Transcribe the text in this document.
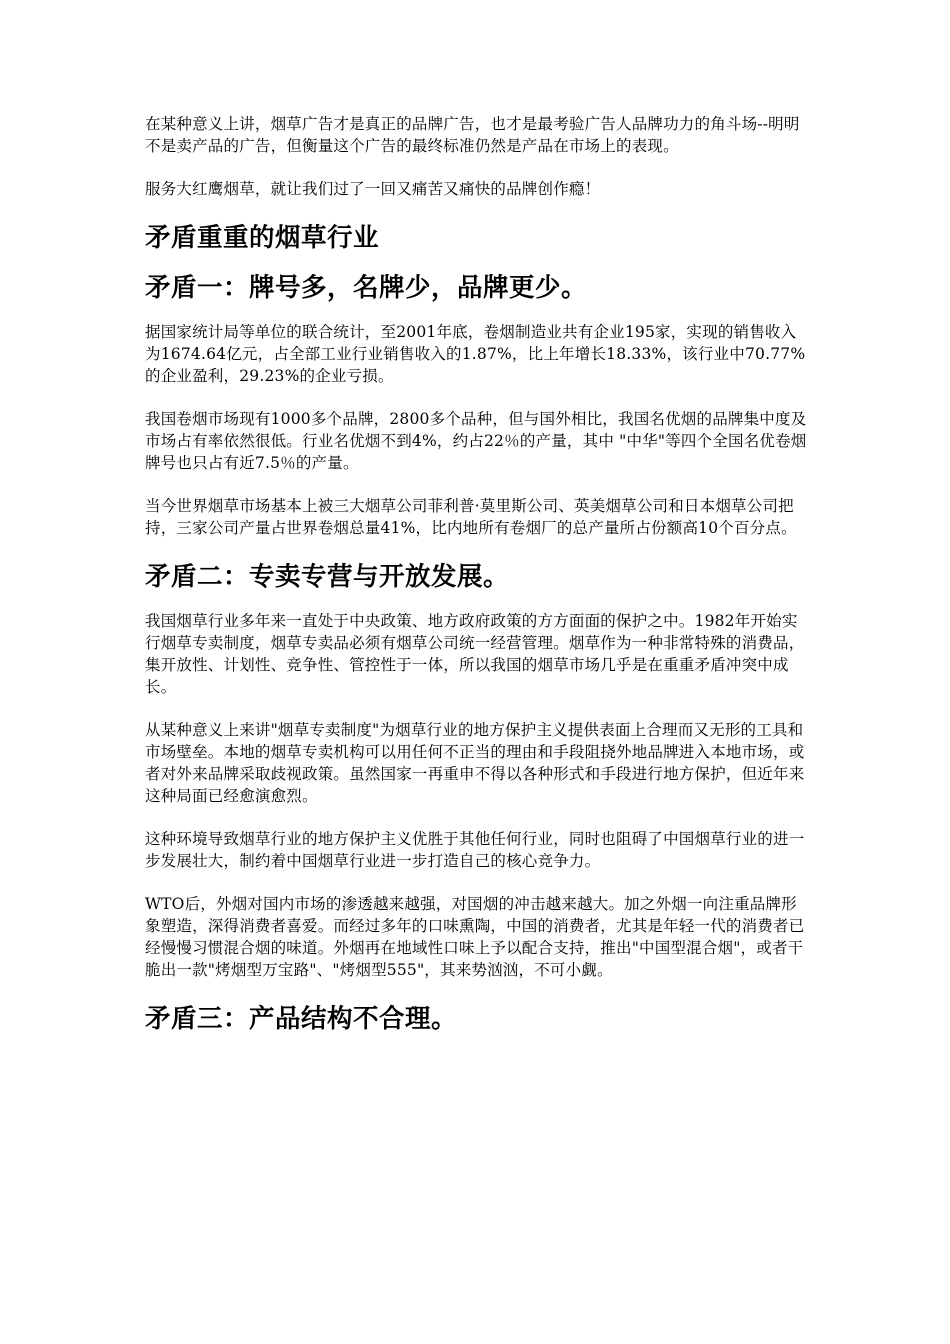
在某种意义上讲，烟草广告才是真正的品牌广告，也才是最考验广告人品牌功力的角斗场--明明不是卖产品的广告，但衡量这个广告的最终标准仍然是产品在市场上的表现。

服务大红鹰烟草，就让我们过了一回又痛苦又痛快的品牌创作瘾！

矛盾重重的烟草行业
矛盾一：牌号多，名牌少，品牌更少。

据国家统计局等单位的联合统计，至2001年底，卷烟制造业共有企业195家，实现的销售收入为1674.64亿元，占全部工业行业销售收入的1.87%，比上年增长18.33%，该行业中70.77%的企业盈利，29.23%的企业亏损。

我国卷烟市场现有1000多个品牌，2800多个品种，但与国外相比，我国名优烟的品牌集中度及市场占有率依然很低。行业名优烟不到4%，约占22％的产量，其中 "中华"等四个全国名优卷烟牌号也只占有近7.5％的产量。

当今世界烟草市场基本上被三大烟草公司菲利普·莫里斯公司、英美烟草公司和日本烟草公司把持，三家公司产量占世界卷烟总量41%，比内地所有卷烟厂的总产量所占份额高10个百分点。

矛盾二：专卖专营与开放发展。

我国烟草行业多年来一直处于中央政策、地方政府政策的方方面面的保护之中。1982年开始实行烟草专卖制度，烟草专卖品必须有烟草公司统一经营管理。烟草作为一种非常特殊的消费品，集开放性、计划性、竞争性、管控性于一体，所以我国的烟草市场几乎是在重重矛盾冲突中成长。

从某种意义上来讲"烟草专卖制度"为烟草行业的地方保护主义提供表面上合理而又无形的工具和市场壁垒。本地的烟草专卖机构可以用任何不正当的理由和手段阻挠外地品牌进入本地市场，或者对外来品牌采取歧视政策。虽然国家一再重申不得以各种形式和手段进行地方保护，但近年来这种局面已经愈演愈烈。

这种环境导致烟草行业的地方保护主义优胜于其他任何行业，同时也阻碍了中国烟草行业的进一步发展壮大，制约着中国烟草行业进一步打造自己的核心竞争力。

WTO后，外烟对国内市场的渗透越来越强，对国烟的冲击越来越大。加之外烟一向注重品牌形象塑造，深得消费者喜爱。而经过多年的口味熏陶，中国的消费者，尤其是年轻一代的消费者已经慢慢习惯混合烟的味道。外烟再在地域性口味上予以配合支持，推出"中国型混合烟"，或者干脆出一款"烤烟型万宝路"、"烤烟型555"，其来势汹汹，不可小觑。

矛盾三：产品结构不合理。
